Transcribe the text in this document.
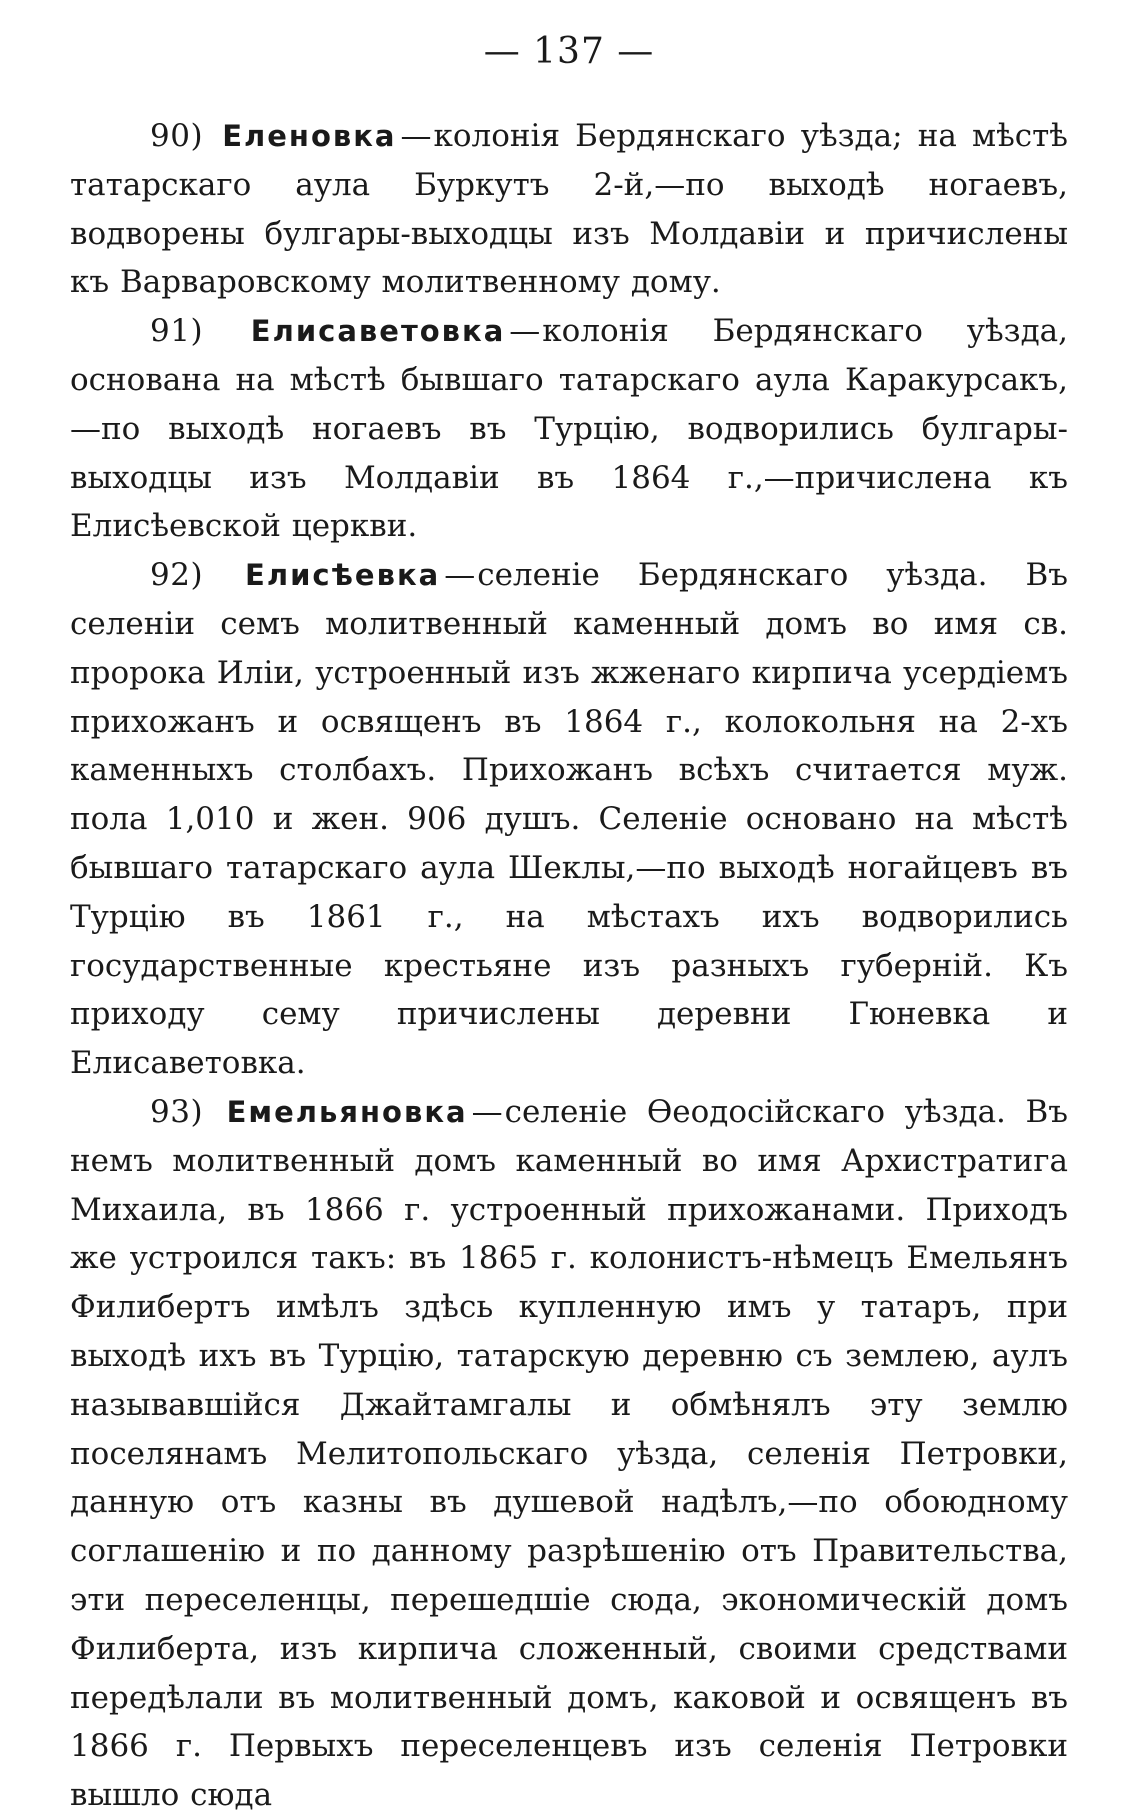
— 137 —

90) Еленовка —колонія Бердянскаго уѣзда; на мѣстѣ татарскаго аула Буркутъ 2-й,—по выходѣ ногаевъ, водворены булгары-выходцы изъ Молдавіи и причислены къ Варваровскому молитвенному дому.

91) Елисаветовка —колонія Бердянскаго уѣзда, основана на мѣстѣ бывшаго татарскаго аула Каракурсакъ,—по выходѣ ногаевъ въ Турцію, водворились булгары-выходцы изъ Молдавіи въ 1864 г.,—причислена къ Елисѣевской церкви.

92) Елисѣевка —селеніе Бердянскаго уѣзда. Въ селеніи семъ молитвенный каменный домъ во имя св. пророка Иліи, устроенный изъ жженаго кирпича усердіемъ прихожанъ и освященъ въ 1864 г., колокольня на 2-хъ каменныхъ столбахъ. Прихожанъ всѣхъ считается муж. пола 1,010 и жен. 906 душъ. Селеніе основано на мѣстѣ бывшаго татарскаго аула Шеклы,—по выходѣ ногайцевъ въ Турцію въ 1861 г., на мѣстахъ ихъ водворились государственные крестьяне изъ разныхъ губерній. Къ приходу сему причислены деревни Гюневка и Елисаветовка.

93) Емельяновка —селеніе Ѳеодосійскаго уѣзда. Въ немъ молитвенный домъ каменный во имя Архистратига Михаила, въ 1866 г. устроенный прихожанами. Приходъ же устроился такъ: въ 1865 г. колонистъ-нѣмецъ Емельянъ Филибертъ имѣлъ здѣсь купленную имъ у татаръ, при выходѣ ихъ въ Турцію, татарскую деревню съ землею, аулъ называвшійся Джайтамгалы и обмѣнялъ эту землю поселянамъ Мелитопольскаго уѣзда, селенія Петровки, данную отъ казны въ душевой надѣлъ,—по обоюдному соглашенію и по данному разрѣшенію отъ Правительства, эти переселенцы, перешедшіе сюда, экономическій домъ Филиберта, изъ кирпича сложенный, своими средствами передѣлали въ молитвенный домъ, каковой и освященъ въ 1866 г. Первыхъ переселенцевъ изъ селенія Петровки вышло сюда
